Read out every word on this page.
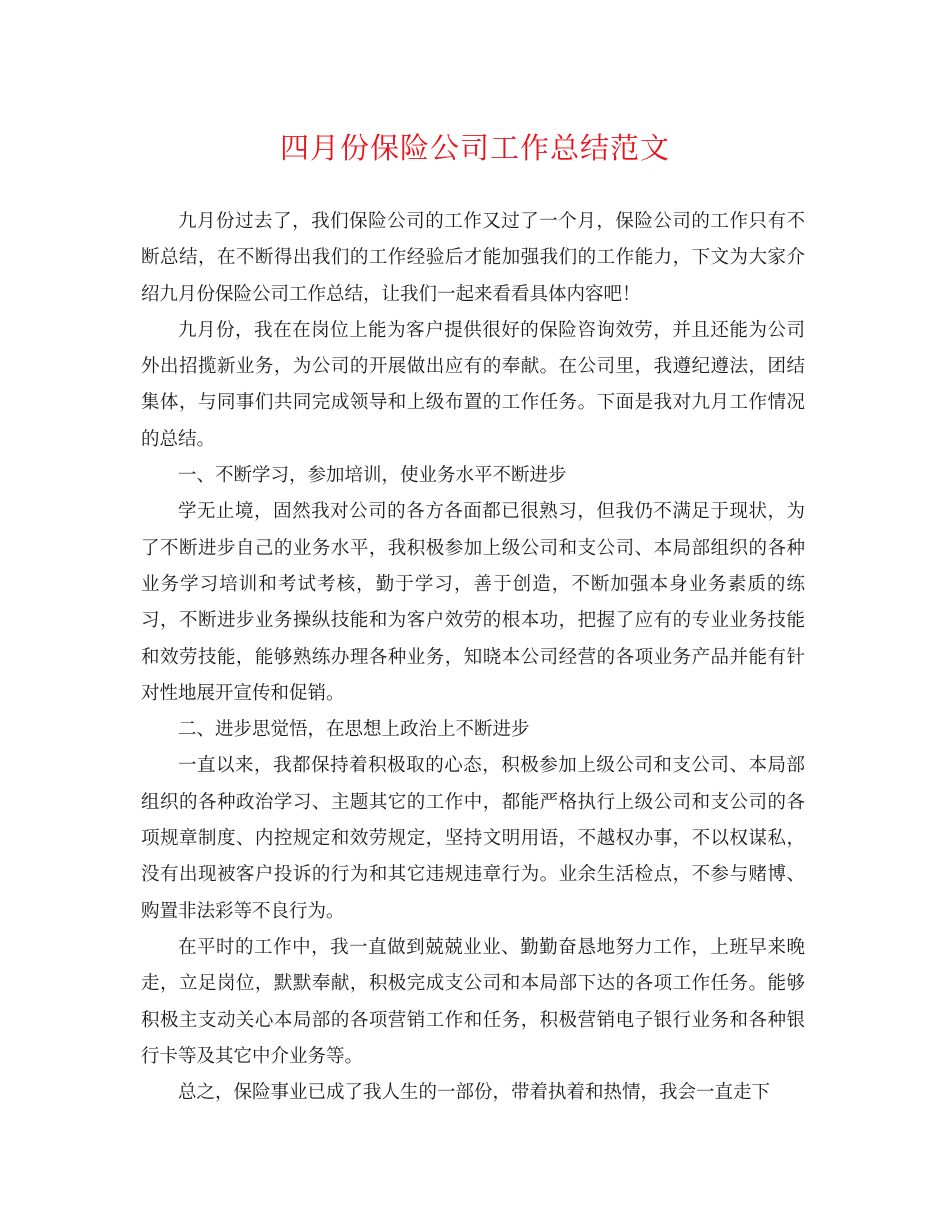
四月份保险公司工作总结范文

九月份过去了，我们保险公司的工作又过了一个月，保险公司的工作只有不断总结，在不断得出我们的工作经验后才能加强我们的工作能力，下文为大家介绍九月份保险公司工作总结，让我们一起来看看具体内容吧！

九月份，我在在岗位上能为客户提供很好的保险咨询效劳，并且还能为公司外出招揽新业务，为公司的开展做出应有的奉献。在公司里，我遵纪遵法，团结集体，与同事们共同完成领导和上级布置的工作任务。下面是我对九月工作情况的总结。

一、不断学习，参加培训，使业务水平不断进步

学无止境，固然我对公司的各方各面都已很熟习，但我仍不满足于现状，为了不断进步自己的业务水平，我积极参加上级公司和支公司、本局部组织的各种业务学习培训和考试考核，勤于学习，善于创造，不断加强本身业务素质的练习，不断进步业务操纵技能和为客户效劳的根本功，把握了应有的专业业务技能和效劳技能，能够熟练办理各种业务，知晓本公司经营的各项业务产品并能有针对性地展开宣传和促销。

二、进步思觉悟，在思想上政治上不断进步

一直以来，我都保持着积极取的心态，积极参加上级公司和支公司、本局部组织的各种政治学习、主题其它的工作中，都能严格执行上级公司和支公司的各项规章制度、内控规定和效劳规定，坚持文明用语，不越权办事，不以权谋私，没有出现被客户投诉的行为和其它违规违章行为。业余生活检点，不参与赌博、购置非法彩等不良行为。

在平时的工作中，我一直做到兢兢业业、勤勤奋恳地努力工作，上班早来晚走，立足岗位，默默奉献，积极完成支公司和本局部下达的各项工作任务。能够积极主支动关心本局部的各项营销工作和任务，积极营销电子银行业务和各种银行卡等及其它中介业务等。

总之，保险事业已成了我人生的一部份，带着执着和热情，我会一直走下
